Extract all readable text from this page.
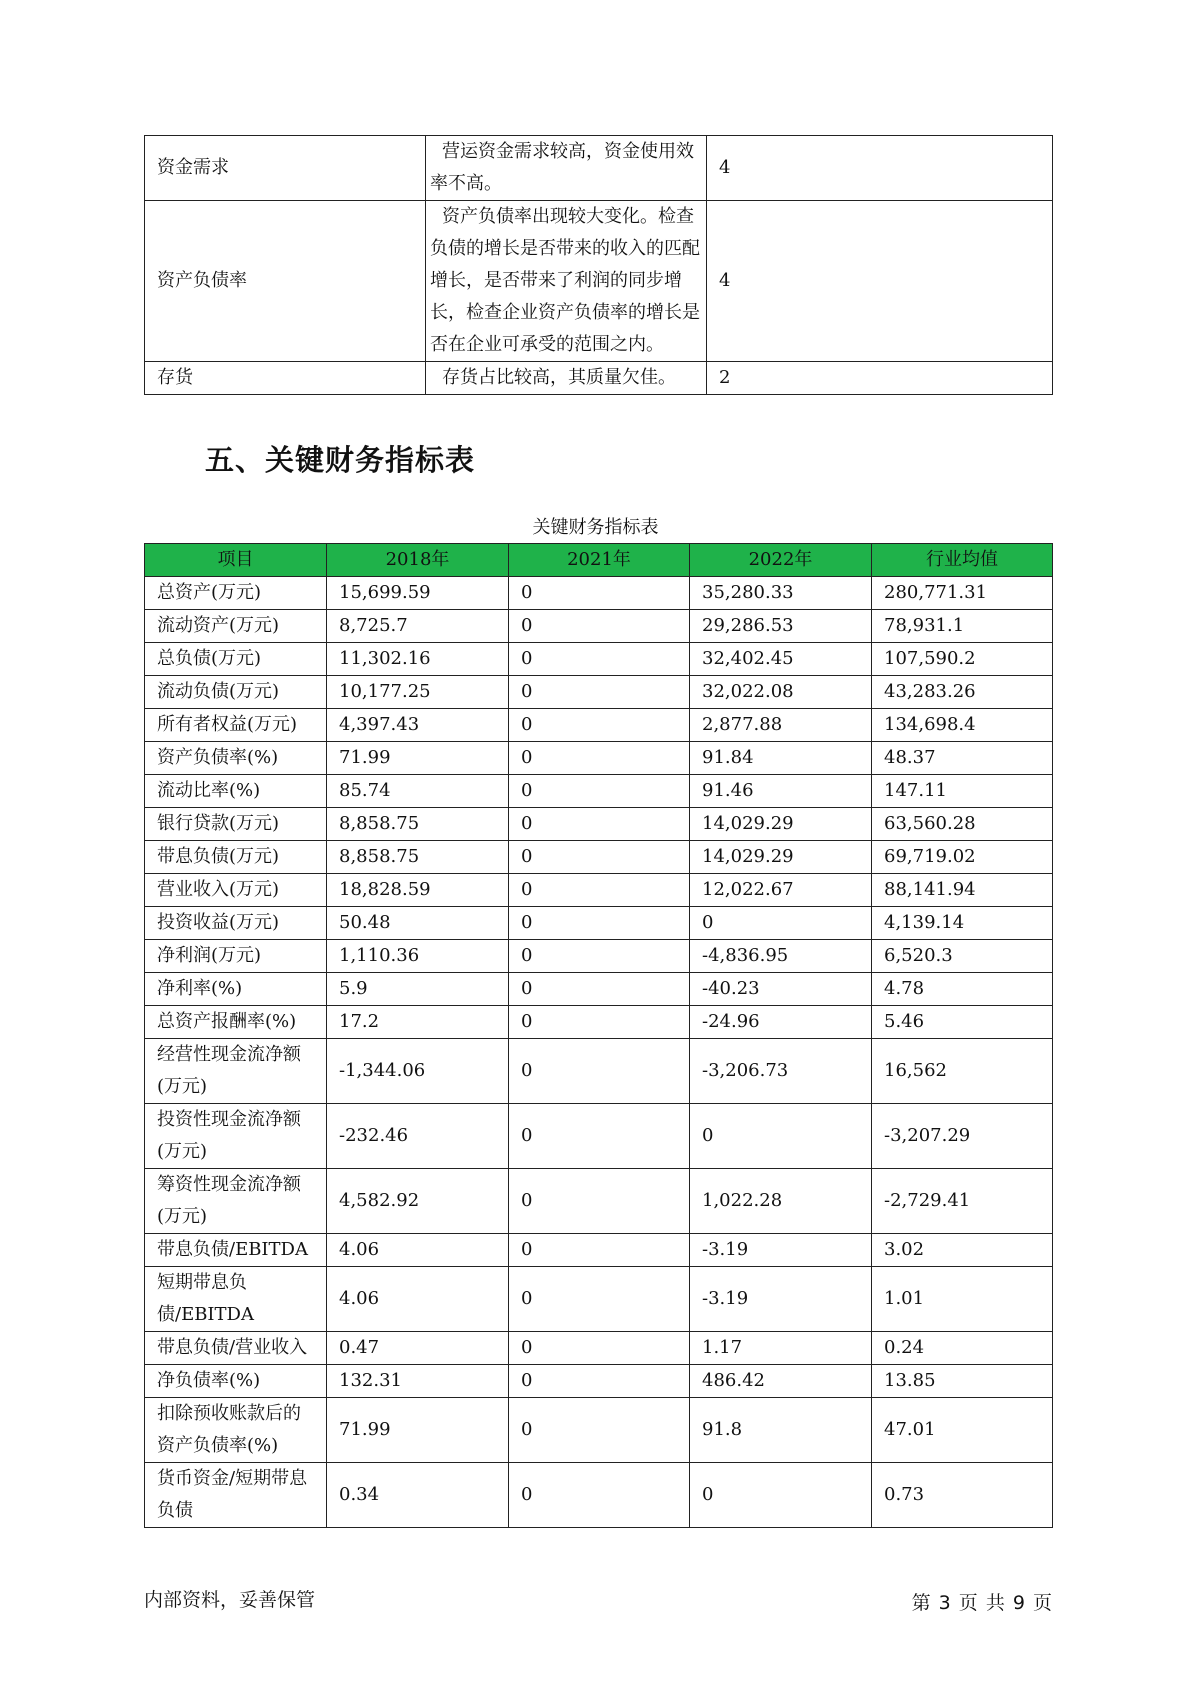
资金需求	营运资金需求较高，资金使用效率不高。	4
资产负债率	资产负债率出现较大变化。检查负债的增长是否带来的收入的匹配增长，是否带来了利润的同步增长，检查企业资产负债率的增长是否在企业可承受的范围之内。	4
存货	存货占比较高，其质量欠佳。	2
五、关键财务指标表
关键财务指标表
项目	2018年	2021年	2022年	行业均值
总资产(万元)	15,699.59	0	35,280.33	280,771.31
流动资产(万元)	8,725.7	0	29,286.53	78,931.1
总负债(万元)	11,302.16	0	32,402.45	107,590.2
流动负债(万元)	10,177.25	0	32,022.08	43,283.26
所有者权益(万元)	4,397.43	0	2,877.88	134,698.4
资产负债率(%)	71.99	0	91.84	48.37
流动比率(%)	85.74	0	91.46	147.11
银行贷款(万元)	8,858.75	0	14,029.29	63,560.28
带息负债(万元)	8,858.75	0	14,029.29	69,719.02
营业收入(万元)	18,828.59	0	12,022.67	88,141.94
投资收益(万元)	50.48	0	0	4,139.14
净利润(万元)	1,110.36	0	-4,836.95	6,520.3
净利率(%)	5.9	0	-40.23	4.78
总资产报酬率(%)	17.2	0	-24.96	5.46
经营性现金流净额(万元)	-1,344.06	0	-3,206.73	16,562
投资性现金流净额(万元)	-232.46	0	0	-3,207.29
筹资性现金流净额(万元)	4,582.92	0	1,022.28	-2,729.41
带息负债/EBITDA	4.06	0	-3.19	3.02
短期带息负债/EBITDA	4.06	0	-3.19	1.01
带息负债/营业收入	0.47	0	1.17	0.24
净负债率(%)	132.31	0	486.42	13.85
扣除预收账款后的资产负债率(%)	71.99	0	91.8	47.01
货币资金/短期带息负债	0.34	0	0	0.73
内部资料，妥善保管	第 3 页 共 9 页
